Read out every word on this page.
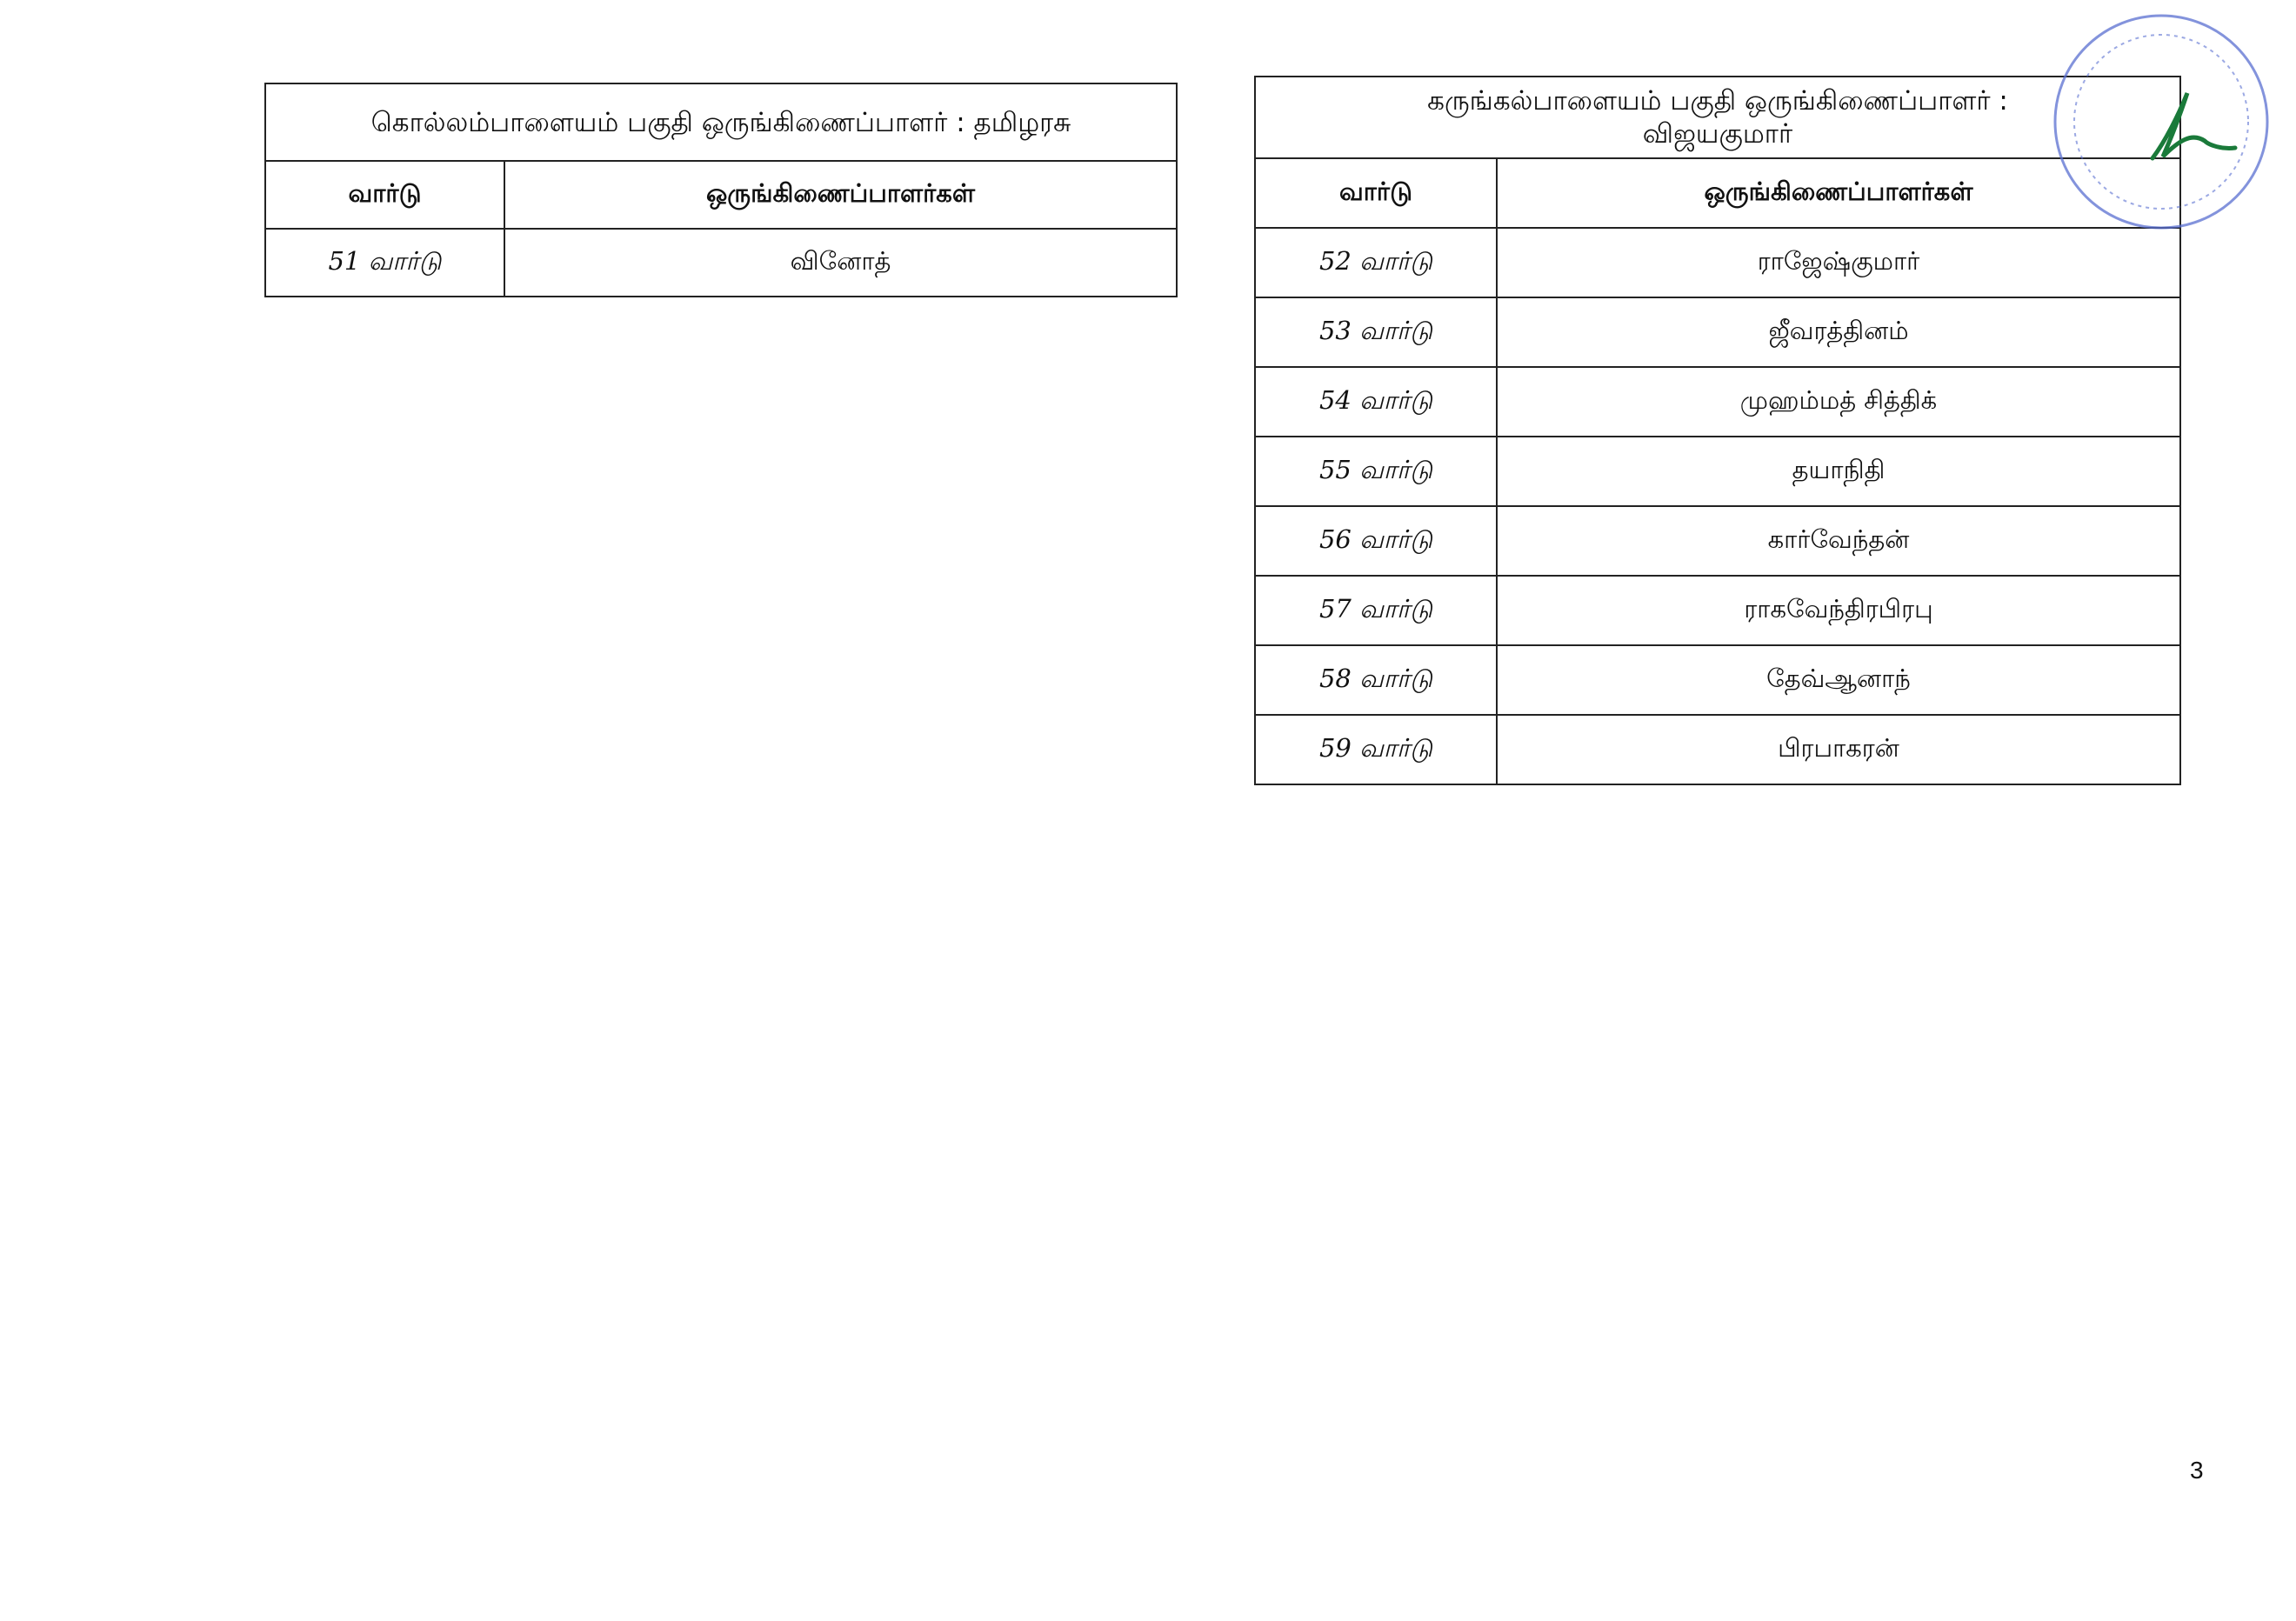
கொல்லம்பாளையம் பகுதி ஒருங்கிணைப்பாளர் : தமிழரசு	
வார்டு	ஒருங்கிணைப்பாளர்கள்
51 வார்டு	வினோத்
கருங்கல்பாளையம் பகுதி ஒருங்கிணைப்பாளர் :
விஜயகுமார்	

வார்டு	ஒருங்கிணைப்பாளர்கள்
52 வார்டு	ராஜேஷ்குமார்
53 வார்டு	ஜீவரத்தினம்
54 வார்டு	முஹம்மத் சித்திக்
55 வார்டு	தயாநிதி
56 வார்டு	கார்வேந்தன்
57 வார்டு	ராகவேந்திரபிரபு
58 வார்டு	தேவ்ஆனாந்
59 வார்டு	பிரபாகரன்
3
